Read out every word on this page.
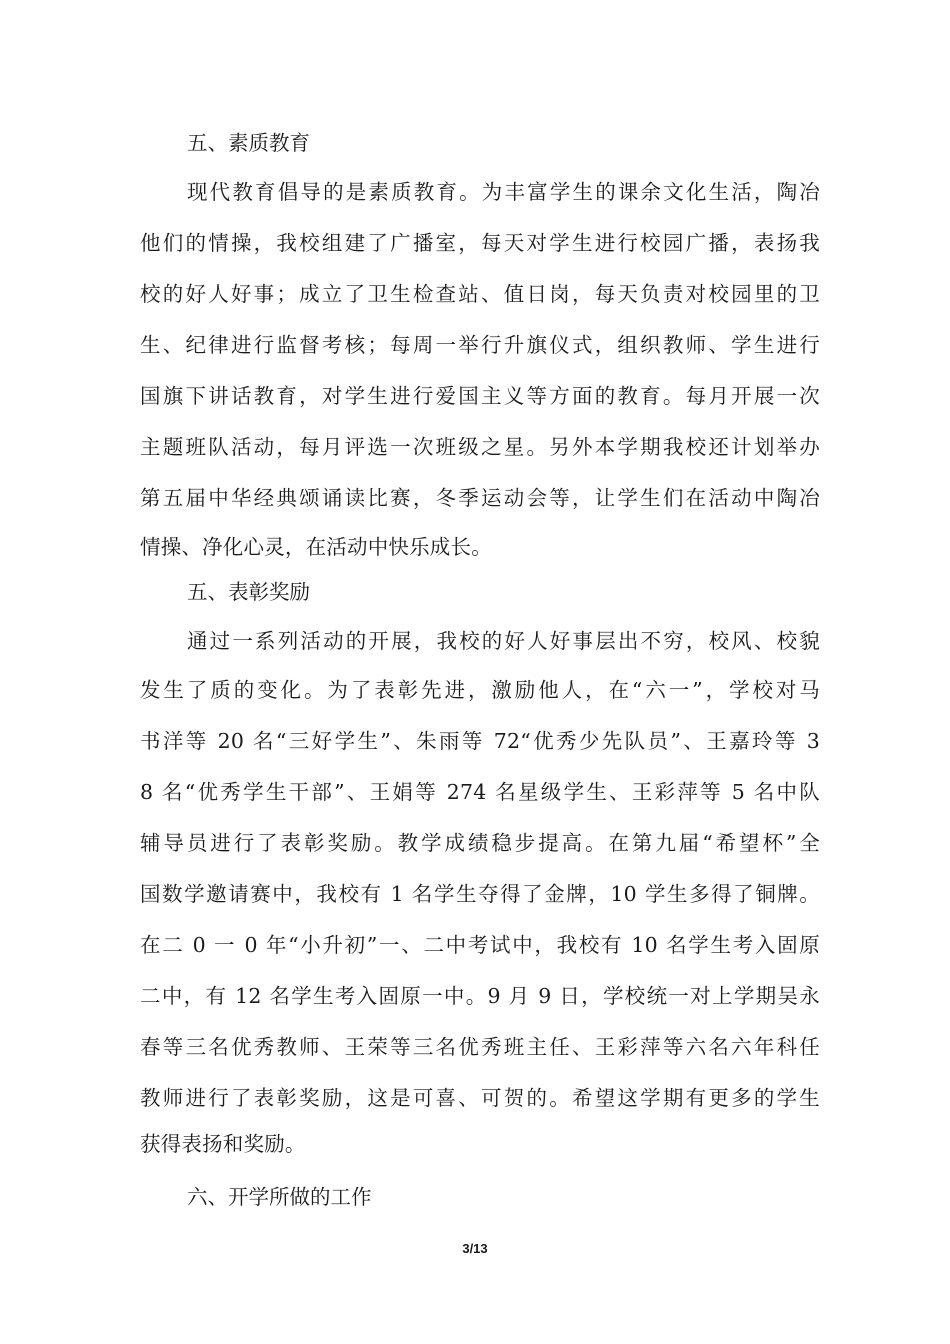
五、素质教育

现代教育倡导的是素质教育。为丰富学生的课余文化生活，陶冶

他们的情操，我校组建了广播室，每天对学生进行校园广播，表扬我

校的好人好事；成立了卫生检查站、值日岗，每天负责对校园里的卫

生、纪律进行监督考核；每周一举行升旗仪式，组织教师、学生进行

国旗下讲话教育，对学生进行爱国主义等方面的教育。每月开展一次

主题班队活动，每月评选一次班级之星。另外本学期我校还计划举办

第五届中华经典颂诵读比赛，冬季运动会等，让学生们在活动中陶冶

情操、净化心灵，在活动中快乐成长。

五、表彰奖励

通过一系列活动的开展，我校的好人好事层出不穷，校风、校貌

发生了质的变化。为了表彰先进，激励他人，在“六一”，学校对马

书洋等 20 名“三好学生”、朱雨等 72“优秀少先队员”、王嘉玲等 3

8 名“优秀学生干部”、王娟等 274 名星级学生、王彩萍等 5 名中队

辅导员进行了表彰奖励。教学成绩稳步提高。在第九届“希望杯”全

国数学邀请赛中，我校有 1 名学生夺得了金牌，10 学生多得了铜牌。

在二 0 一 0 年“小升初”一、二中考试中，我校有 10 名学生考入固原

二中，有 12 名学生考入固原一中。9 月 9 日，学校统一对上学期吴永

春等三名优秀教师、王荣等三名优秀班主任、王彩萍等六名六年科任

教师进行了表彰奖励，这是可喜、可贺的。希望这学期有更多的学生

获得表扬和奖励。

六、开学所做的工作

3/13
